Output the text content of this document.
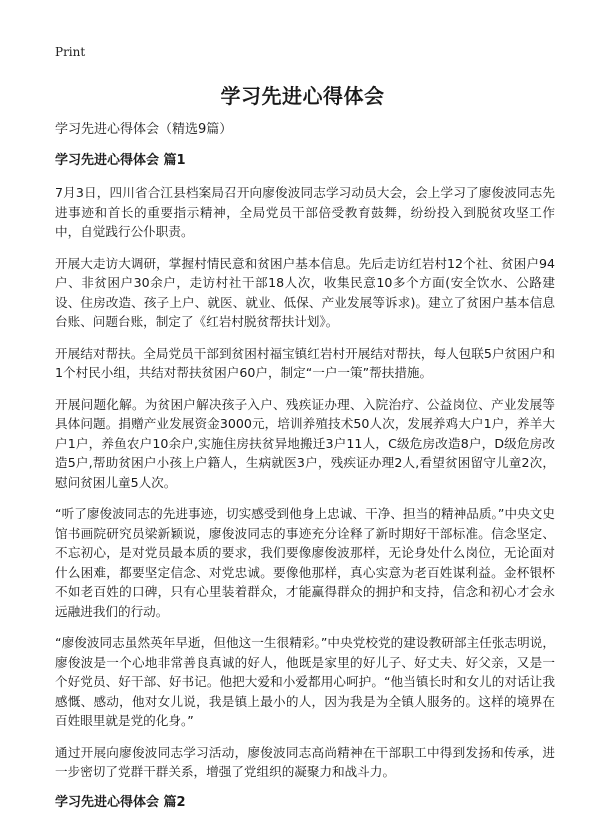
Print
学习先进心得体会

学习先进心得体会（精选9篇）

学习先进心得体会 篇1

7月3日，四川省合江县档案局召开向廖俊波同志学习动员大会，会上学习了廖俊波同志先进事迹和首长的重要指示精神，全局党员干部倍受教育鼓舞，纷纷投入到脱贫攻坚工作中，自觉践行公仆职责。

开展大走访大调研，掌握村情民意和贫困户基本信息。先后走访红岩村12个社、贫困户94户、非贫困户30余户，走访村社干部18人次，收集民意10多个方面(安全饮水、公路建设、住房改造、孩子上户、就医、就业、低保、产业发展等诉求)。建立了贫困户基本信息台账、问题台账，制定了《红岩村脱贫帮扶计划》。

开展结对帮扶。全局党员干部到贫困村福宝镇红岩村开展结对帮扶，每人包联5户贫困户和1个村民小组，共结对帮扶贫困户60户，制定“一户一策”帮扶措施。

开展问题化解。为贫困户解决孩子入户、残疾证办理、入院治疗、公益岗位、产业发展等具体问题。捐赠产业发展资金3000元，培训养殖技术50人次，发展养鸡大户1户，养羊大户1户，养鱼农户10余户,实施住房扶贫异地搬迁3户11人，C级危房改造8户，D级危房改造5户,帮助贫困户小孩上户籍人，生病就医3户，残疾证办理2人,看望贫困留守儿童2次，慰问贫困儿童5人次。

“听了廖俊波同志的先进事迹，切实感受到他身上忠诚、干净、担当的精神品质。”中央文史馆书画院研究员梁新颖说，廖俊波同志的事迹充分诠释了新时期好干部标准。信念坚定、不忘初心，是对党员最本质的要求，我们要像廖俊波那样，无论身处什么岗位，无论面对什么困难，都要坚定信念、对党忠诚。要像他那样，真心实意为老百姓谋利益。金杯银杯不如老百姓的口碑，只有心里装着群众，才能赢得群众的拥护和支持，信念和初心才会永远融进我们的行动。

“廖俊波同志虽然英年早逝，但他这一生很精彩。”中央党校党的建设教研部主任张志明说，廖俊波是一个心地非常善良真诚的好人，他既是家里的好儿子、好丈夫、好父亲，又是一个好党员、好干部、好书记。他把大爱和小爱都用心呵护。“他当镇长时和女儿的对话让我感慨、感动，他对女儿说，我是镇上最小的人，因为我是为全镇人服务的。这样的境界在百姓眼里就是党的化身。”

通过开展向廖俊波同志学习活动，廖俊波同志高尚精神在干部职工中得到发扬和传承，进一步密切了党群干群关系，增强了党组织的凝聚力和战斗力。

学习先进心得体会 篇2
